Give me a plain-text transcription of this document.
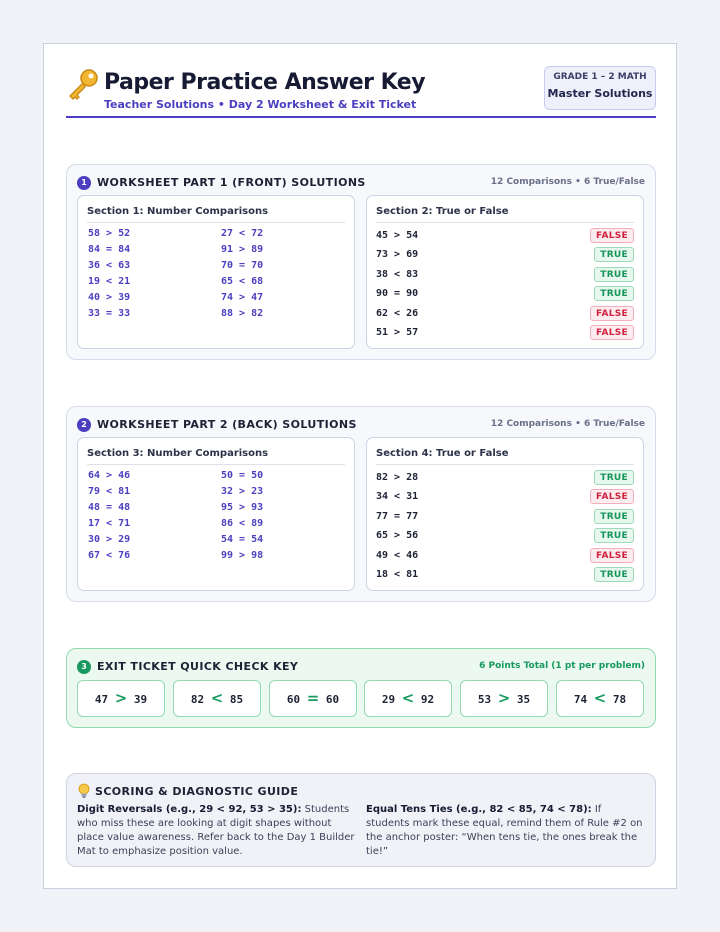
Paper Practice Answer Key
Teacher Solutions • Day 2 Worksheet & Exit Ticket
GRADE 1 – 2 MATH
Master Solutions
1 WORKSHEET PART 1 (FRONT) SOLUTIONS	12 Comparisons • 6 True/False
Section 1: Number Comparisons
58 > 52	27 < 72
84 = 84	91 > 89
36 < 63	70 = 70
19 < 21	65 < 68
40 > 39	74 > 47
33 = 33	88 > 82
Section 2: True or False
45 > 54	FALSE
73 > 69	TRUE
38 < 83	TRUE
90 = 90	TRUE
62 < 26	FALSE
51 > 57	FALSE
2 WORKSHEET PART 2 (BACK) SOLUTIONS	12 Comparisons • 6 True/False
Section 3: Number Comparisons
64 > 46	50 = 50
79 < 81	32 > 23
48 = 48	95 > 93
17 < 71	86 < 89
30 > 29	54 = 54
67 < 76	99 > 98
Section 4: True or False
82 > 28	TRUE
34 < 31	FALSE
77 = 77	TRUE
65 > 56	TRUE
49 < 46	FALSE
18 < 81	TRUE
3 EXIT TICKET QUICK CHECK KEY	6 Points Total (1 pt per problem)
47 > 39	82 < 85	60 = 60	29 < 92	53 > 35	74 < 78
SCORING & DIAGNOSTIC GUIDE
Digit Reversals (e.g., 29 < 92, 53 > 35): Students who miss these are looking at digit shapes without place value awareness. Refer back to the Day 1 Builder Mat to emphasize position value.
Equal Tens Ties (e.g., 82 < 85, 74 < 78): If students mark these equal, remind them of Rule #2 on the anchor poster: “When tens tie, the ones break the tie!”
